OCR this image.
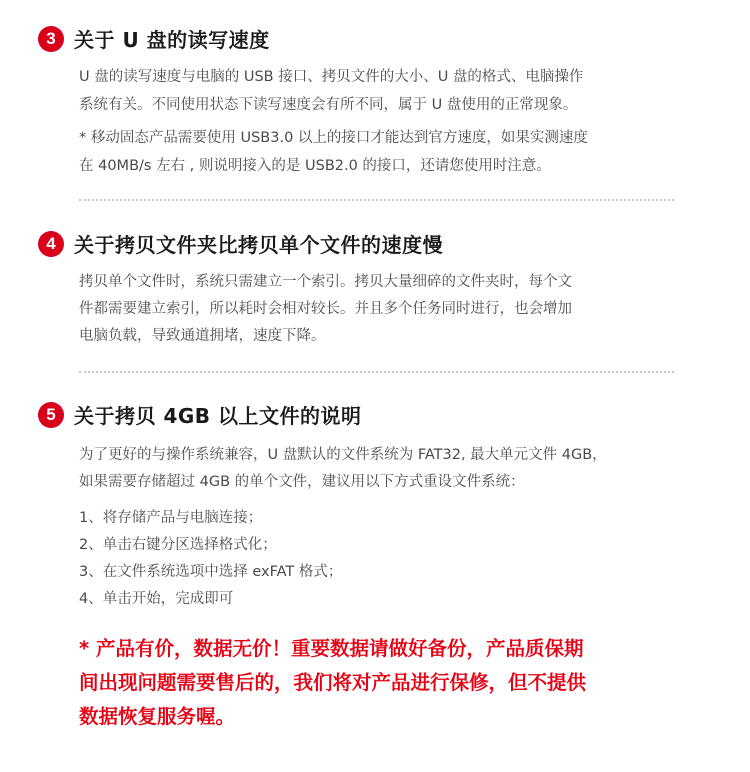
3 关于 U 盘的读写速度

U 盘的读写速度与电脑的 USB 接口、拷贝文件的大小、U 盘的格式、电脑操作

系统有关。不同使用状态下读写速度会有所不同，属于 U 盘使用的正常现象。

* 移动固态产品需要使用 USB3.0 以上的接口才能达到官方速度，如果实测速度

在 40MB/s 左右 , 则说明接入的是 USB2.0 的接口，还请您使用时注意。

4 关于拷贝文件夹比拷贝单个文件的速度慢

拷贝单个文件时，系统只需建立一个索引。拷贝大量细碎的文件夹时，每个文

件都需要建立索引，所以耗时会相对较长。并且多个任务同时进行，也会增加

电脑负载，导致通道拥堵，速度下降。

5 关于拷贝 4GB 以上文件的说明

为了更好的与操作系统兼容，U 盘默认的文件系统为 FAT32, 最大单元文件 4GB，

如果需要存储超过 4GB 的单个文件，建议用以下方式重设文件系统：

1、将存储产品与电脑连接；

2、单击右键分区选择格式化；

3、在文件系统选项中选择 exFAT 格式；

4、单击开始，完成即可

* 产品有价，数据无价！重要数据请做好备份，产品质保期
间出现问题需要售后的，我们将对产品进行保修，但不提供
数据恢复服务喔。
